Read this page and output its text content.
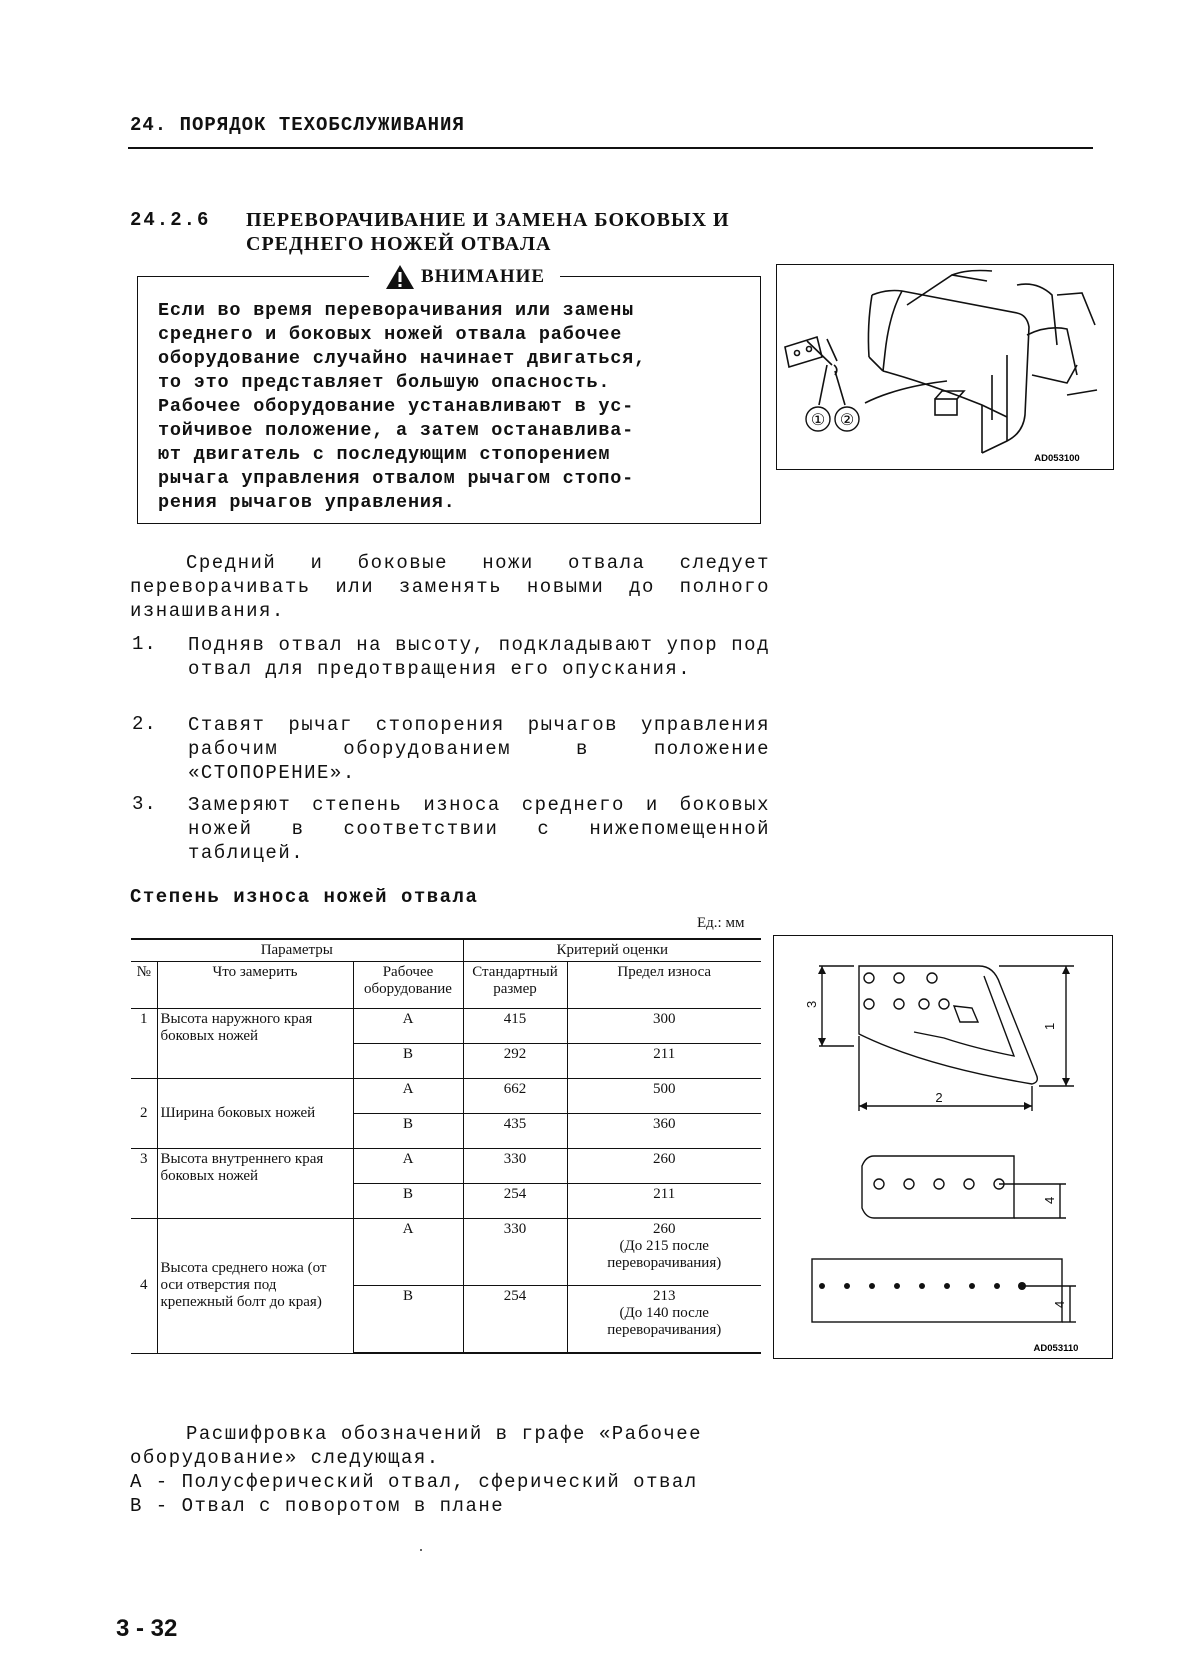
24. ПОРЯДОК ТЕХОБСЛУЖИВАНИЯ
24.2.6 ПЕРЕВОРАЧИВАНИЕ И ЗАМЕНА БОКОВЫХ И СРЕДНЕГО НОЖЕЙ ОТВАЛА
ВНИМАНИЕ
Если во время переворачивания или замены
среднего и боковых ножей отвала рабочее
оборудование случайно начинает двигаться,
то это представляет большую опасность.
Рабочее оборудование устанавливают в ус-
тойчивое положение, а затем останавлива-
ют двигатель с последующим стопорением
рычага управления отвалом рычагом стопо-
рения рычагов управления.
① ②
AD053100
Средний и боковые ножи отвала следует переворачивать или заменять новыми до полного изнашивания.
1. Подняв отвал на высоту, подкладывают упор под отвал для предотвращения его опускания.
2. Ставят рычаг стопорения рычагов управления рабочим оборудованием в положение «СТОПОРЕНИЕ».
3. Замеряют степень износа среднего и боковых ножей в соответствии с нижепомещенной таблицей.
Степень износа ножей отвала
Ед.: мм
Параметры			Критерий оценки	
№	Что замерить	Рабочее оборудование	Стандартный размер	Предел износа
1	Высота наружного края боковых ножей	A	415	300
		B	292	211
2	Ширина боковых ножей	A	662	500
		B	435	360
3	Высота внутреннего края боковых ножей	A	330	260
		B	254	211
4	Высота среднего ножа (от оси отверстия под крепежный болт до края)	A	330	260
(До 215 после переворачивания)

		B	254	213
(До 140 после переворачивания)
3
1
2
4
4
AD053110
Расшифровка обозначений в графе «Рабочее оборудование» следующая.
A - Полусферический отвал, сферический отвал
B - Отвал с поворотом в плане
3 - 32
